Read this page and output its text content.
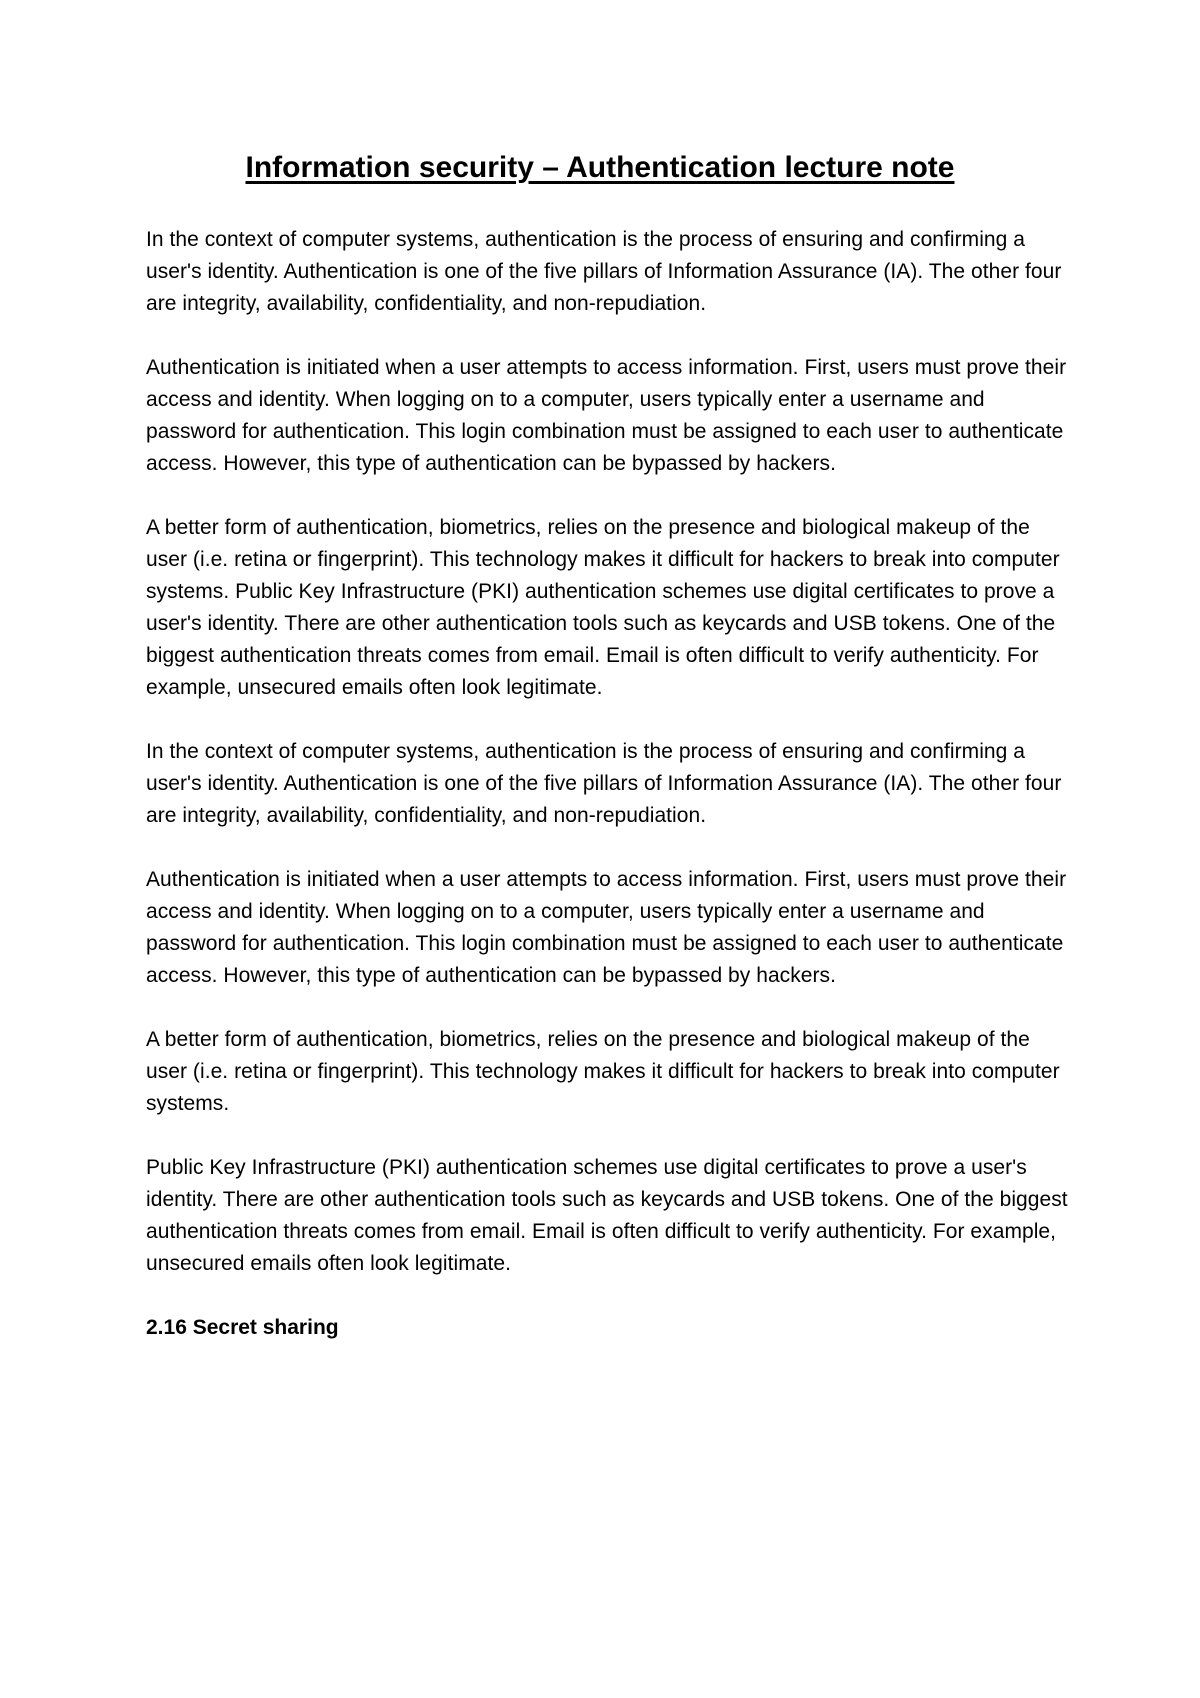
Information security – Authentication lecture note

In the context of computer systems, authentication is the process of ensuring and confirming a user's identity. Authentication is one of the five pillars of Information Assurance (IA). The other four are integrity, availability, confidentiality, and non-repudiation.

Authentication is initiated when a user attempts to access information. First, users must prove their access and identity. When logging on to a computer, users typically enter a username and password for authentication. This login combination must be assigned to each user to authenticate access. However, this type of authentication can be bypassed by hackers.

A better form of authentication, biometrics, relies on the presence and biological makeup of the user (i.e. retina or fingerprint). This technology makes it difficult for hackers to break into computer systems. Public Key Infrastructure (PKI) authentication schemes use digital certificates to prove a user's identity. There are other authentication tools such as keycards and USB tokens. One of the biggest authentication threats comes from email. Email is often difficult to verify authenticity. For example, unsecured emails often look legitimate.

In the context of computer systems, authentication is the process of ensuring and confirming a user's identity. Authentication is one of the five pillars of Information Assurance (IA). The other four are integrity, availability, confidentiality, and non-repudiation.

Authentication is initiated when a user attempts to access information. First, users must prove their access and identity. When logging on to a computer, users typically enter a username and password for authentication. This login combination must be assigned to each user to authenticate access. However, this type of authentication can be bypassed by hackers.

A better form of authentication, biometrics, relies on the presence and biological makeup of the user (i.e. retina or fingerprint). This technology makes it difficult for hackers to break into computer systems.

Public Key Infrastructure (PKI) authentication schemes use digital certificates to prove a user's identity. There are other authentication tools such as keycards and USB tokens. One of the biggest authentication threats comes from email. Email is often difficult to verify authenticity. For example, unsecured emails often look legitimate.

2.16 Secret sharing
